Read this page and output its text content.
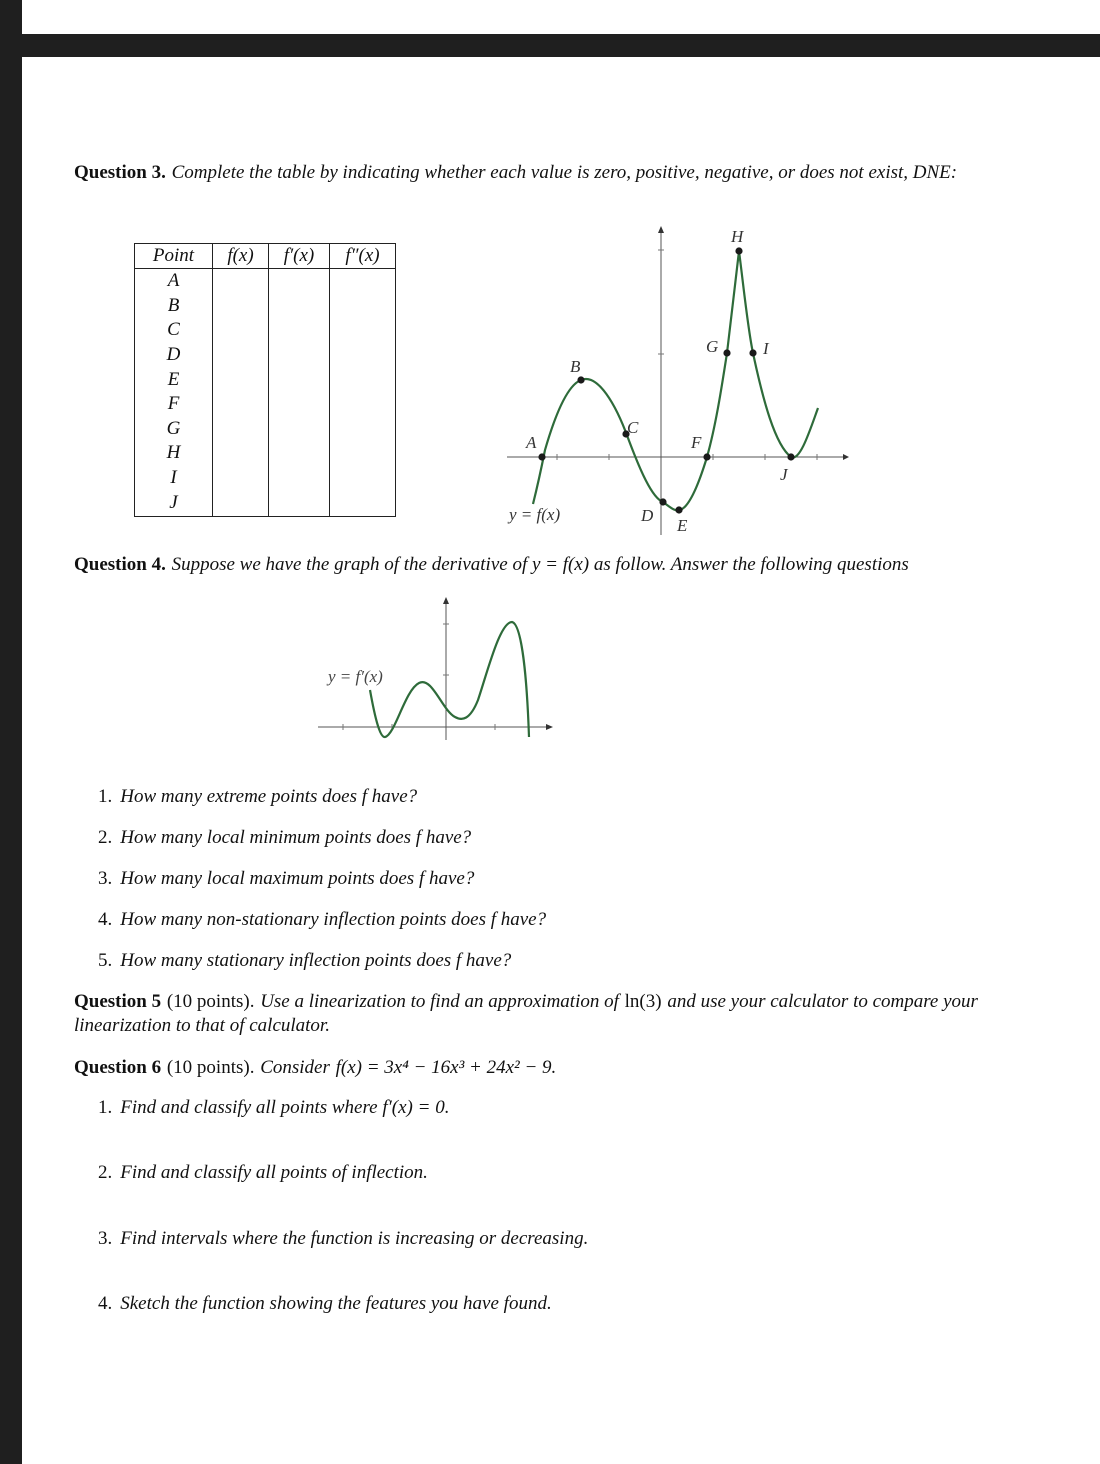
Question 3. Complete the table by indicating whether each value is zero, positive, negative, or does not exist, DNE:
Point	f(x)	f′(x)	f″(x)
A			
B			
C			
D			
E			
F			
G			
H			
I			
J			
A
B
C
D
E
F
G
H
I
J
y = f(x)
Question 4. Suppose we have the graph of the derivative of y = f(x) as follow. Answer the following questions
y = f′(x)
1. How many extreme points does f have?
2. How many local minimum points does f have?
3. How many local maximum points does f have?
4. How many non-stationary inflection points does f have?
5. How many stationary inflection points does f have?
Question 5 (10 points). Use a linearization to find an approximation of ln(3) and use your calculator to compare your linearization to that of calculator.
Question 6 (10 points). Consider f(x) = 3x⁴ − 16x³ + 24x² − 9.
1. Find and classify all points where f′(x) = 0.
2. Find and classify all points of inflection.
3. Find intervals where the function is increasing or decreasing.
4. Sketch the function showing the features you have found.
